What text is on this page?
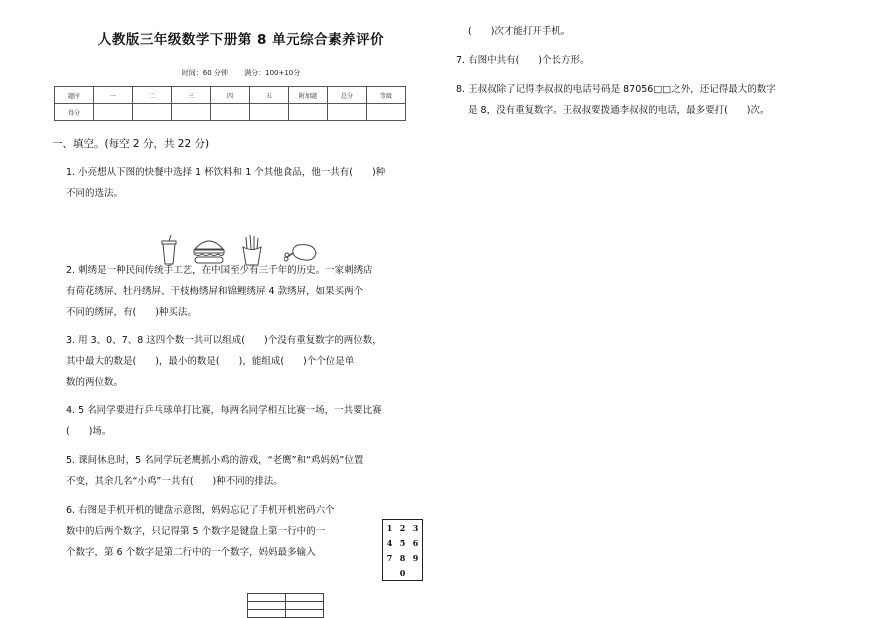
人教版三年级数学下册第 8 单元综合素养评价
时间：60 分钟 满分：100+10分
题序	一	二	三	四	五	附加题	总分	等级
得分								
一、填空。(每空 2 分，共 22 分)
1. 小亮想从下图的快餐中选择 1 杯饮料和 1 个其他食品，他一共有(　　)种
不同的选法。
2. 刺绣是一种民间传统手工艺，在中国至少有三千年的历史。一家刺绣店
有荷花绣屏、牡丹绣屏、干枝梅绣屏和锦鲤绣屏 4 款绣屏，如果买两个
不同的绣屏，有(　　)种买法。
3. 用 3、0、7、8 这四个数一共可以组成(　　)个没有重复数字的两位数，
其中最大的数是(　　)，最小的数是(　　)，能组成(　　)个个位是单
数的两位数。
4. 5 名同学要进行乒乓球单打比赛，每两名同学相互比赛一场，一共要比赛
(　　)场。
5. 课间休息时，5 名同学玩老鹰抓小鸡的游戏，“老鹰”和“鸡妈妈”位置
不变，其余几名“小鸡”一共有(　　)种不同的排法。
6. 右图是手机开机的键盘示意图，妈妈忘记了手机开机密码六个
数中的后两个数字，只记得第 5 个数字是键盘上第一行中的一
个数字，第 6 个数字是第二行中的一个数字，妈妈最多输入
1	2	3
4	5	6
7	8	9
	0	

(　　)次才能打开手机。
7. 右图中共有(　　)个长方形。
8. 王叔叔除了记得李叔叔的电话号码是 87056□□之外，还记得最大的数字
是 8，没有重复数字。王叔叔要拨通李叔叔的电话，最多要打(　　)次。
